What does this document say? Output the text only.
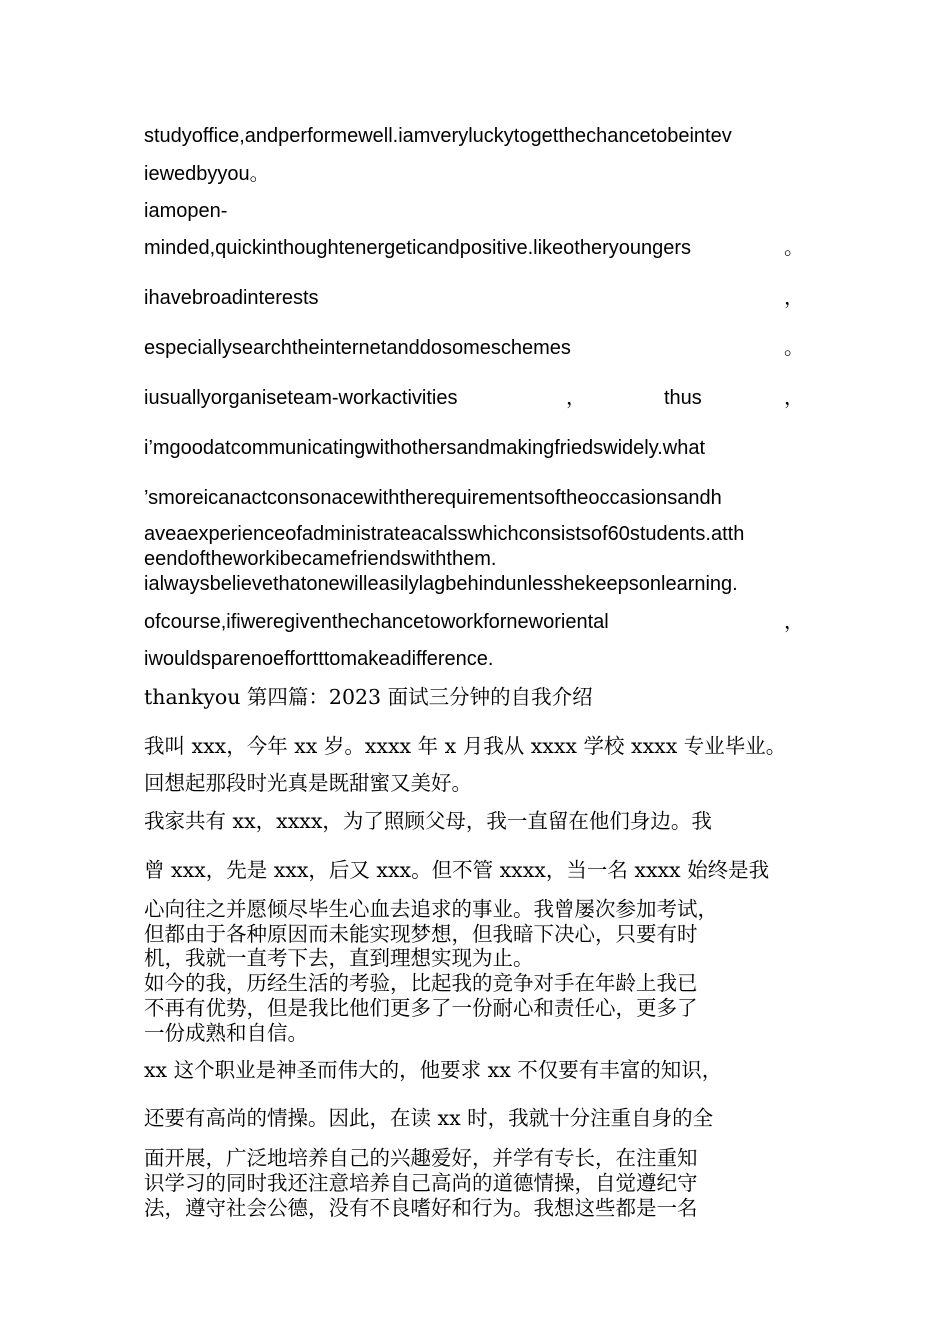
studyoffice,andperformewell.iamveryluckytogetthechancetobeintev
iewedbyyou。
iamopen-
minded,quickinthoughtenergeticandpositive.likeotheryoungers	。
ihavebroadinterests	，
especiallysearchtheinternetanddosomeschemes	。
iusuallyorganiseteam-workactivities	，	thus	，
i’mgoodatcommunicatingwithothersandmakingfriedswidely.what
’smoreicanactconsonacewiththerequirementsoftheoccasionsandh
aveaexperienceofadministrateacalsswhichconsistsof60students.atth
eendoftheworkibecamefriendswiththem.
ialwaysbelievethatonewilleasilylagbehindunlesshekeepsonlearning.
ofcourse,ifiweregiventhechancetoworkforneworiental	，
iwouldsparenoeffortttomakeadifference.
thankyou 第四篇：2023 面试三分钟的自我介绍
我叫 xxx，今年 xx 岁。xxxx 年 x 月我从 xxxx 学校 xxxx 专业毕业。
回想起那段时光真是既甜蜜又美好。
我家共有 xx，xxxx，为了照顾父母，我一直留在他们身边。我
曾 xxx，先是 xxx，后又 xxx。但不管 xxxx，当一名 xxxx 始终是我
心向往之并愿倾尽毕生心血去追求的事业。我曾屡次参加考试，
但都由于各种原因而未能实现梦想，但我暗下决心，只要有时
机，我就一直考下去，直到理想实现为止。
如今的我，历经生活的考验，比起我的竞争对手在年龄上我已
不再有优势，但是我比他们更多了一份耐心和责任心，更多了
一份成熟和自信。
xx 这个职业是神圣而伟大的，他要求 xx 不仅要有丰富的知识，
还要有高尚的情操。因此，在读 xx 时，我就十分注重自身的全
面开展，广泛地培养自己的兴趣爱好，并学有专长，在注重知
识学习的同时我还注意培养自己高尚的道德情操，自觉遵纪守
法，遵守社会公德，没有不良嗜好和行为。我想这些都是一名
